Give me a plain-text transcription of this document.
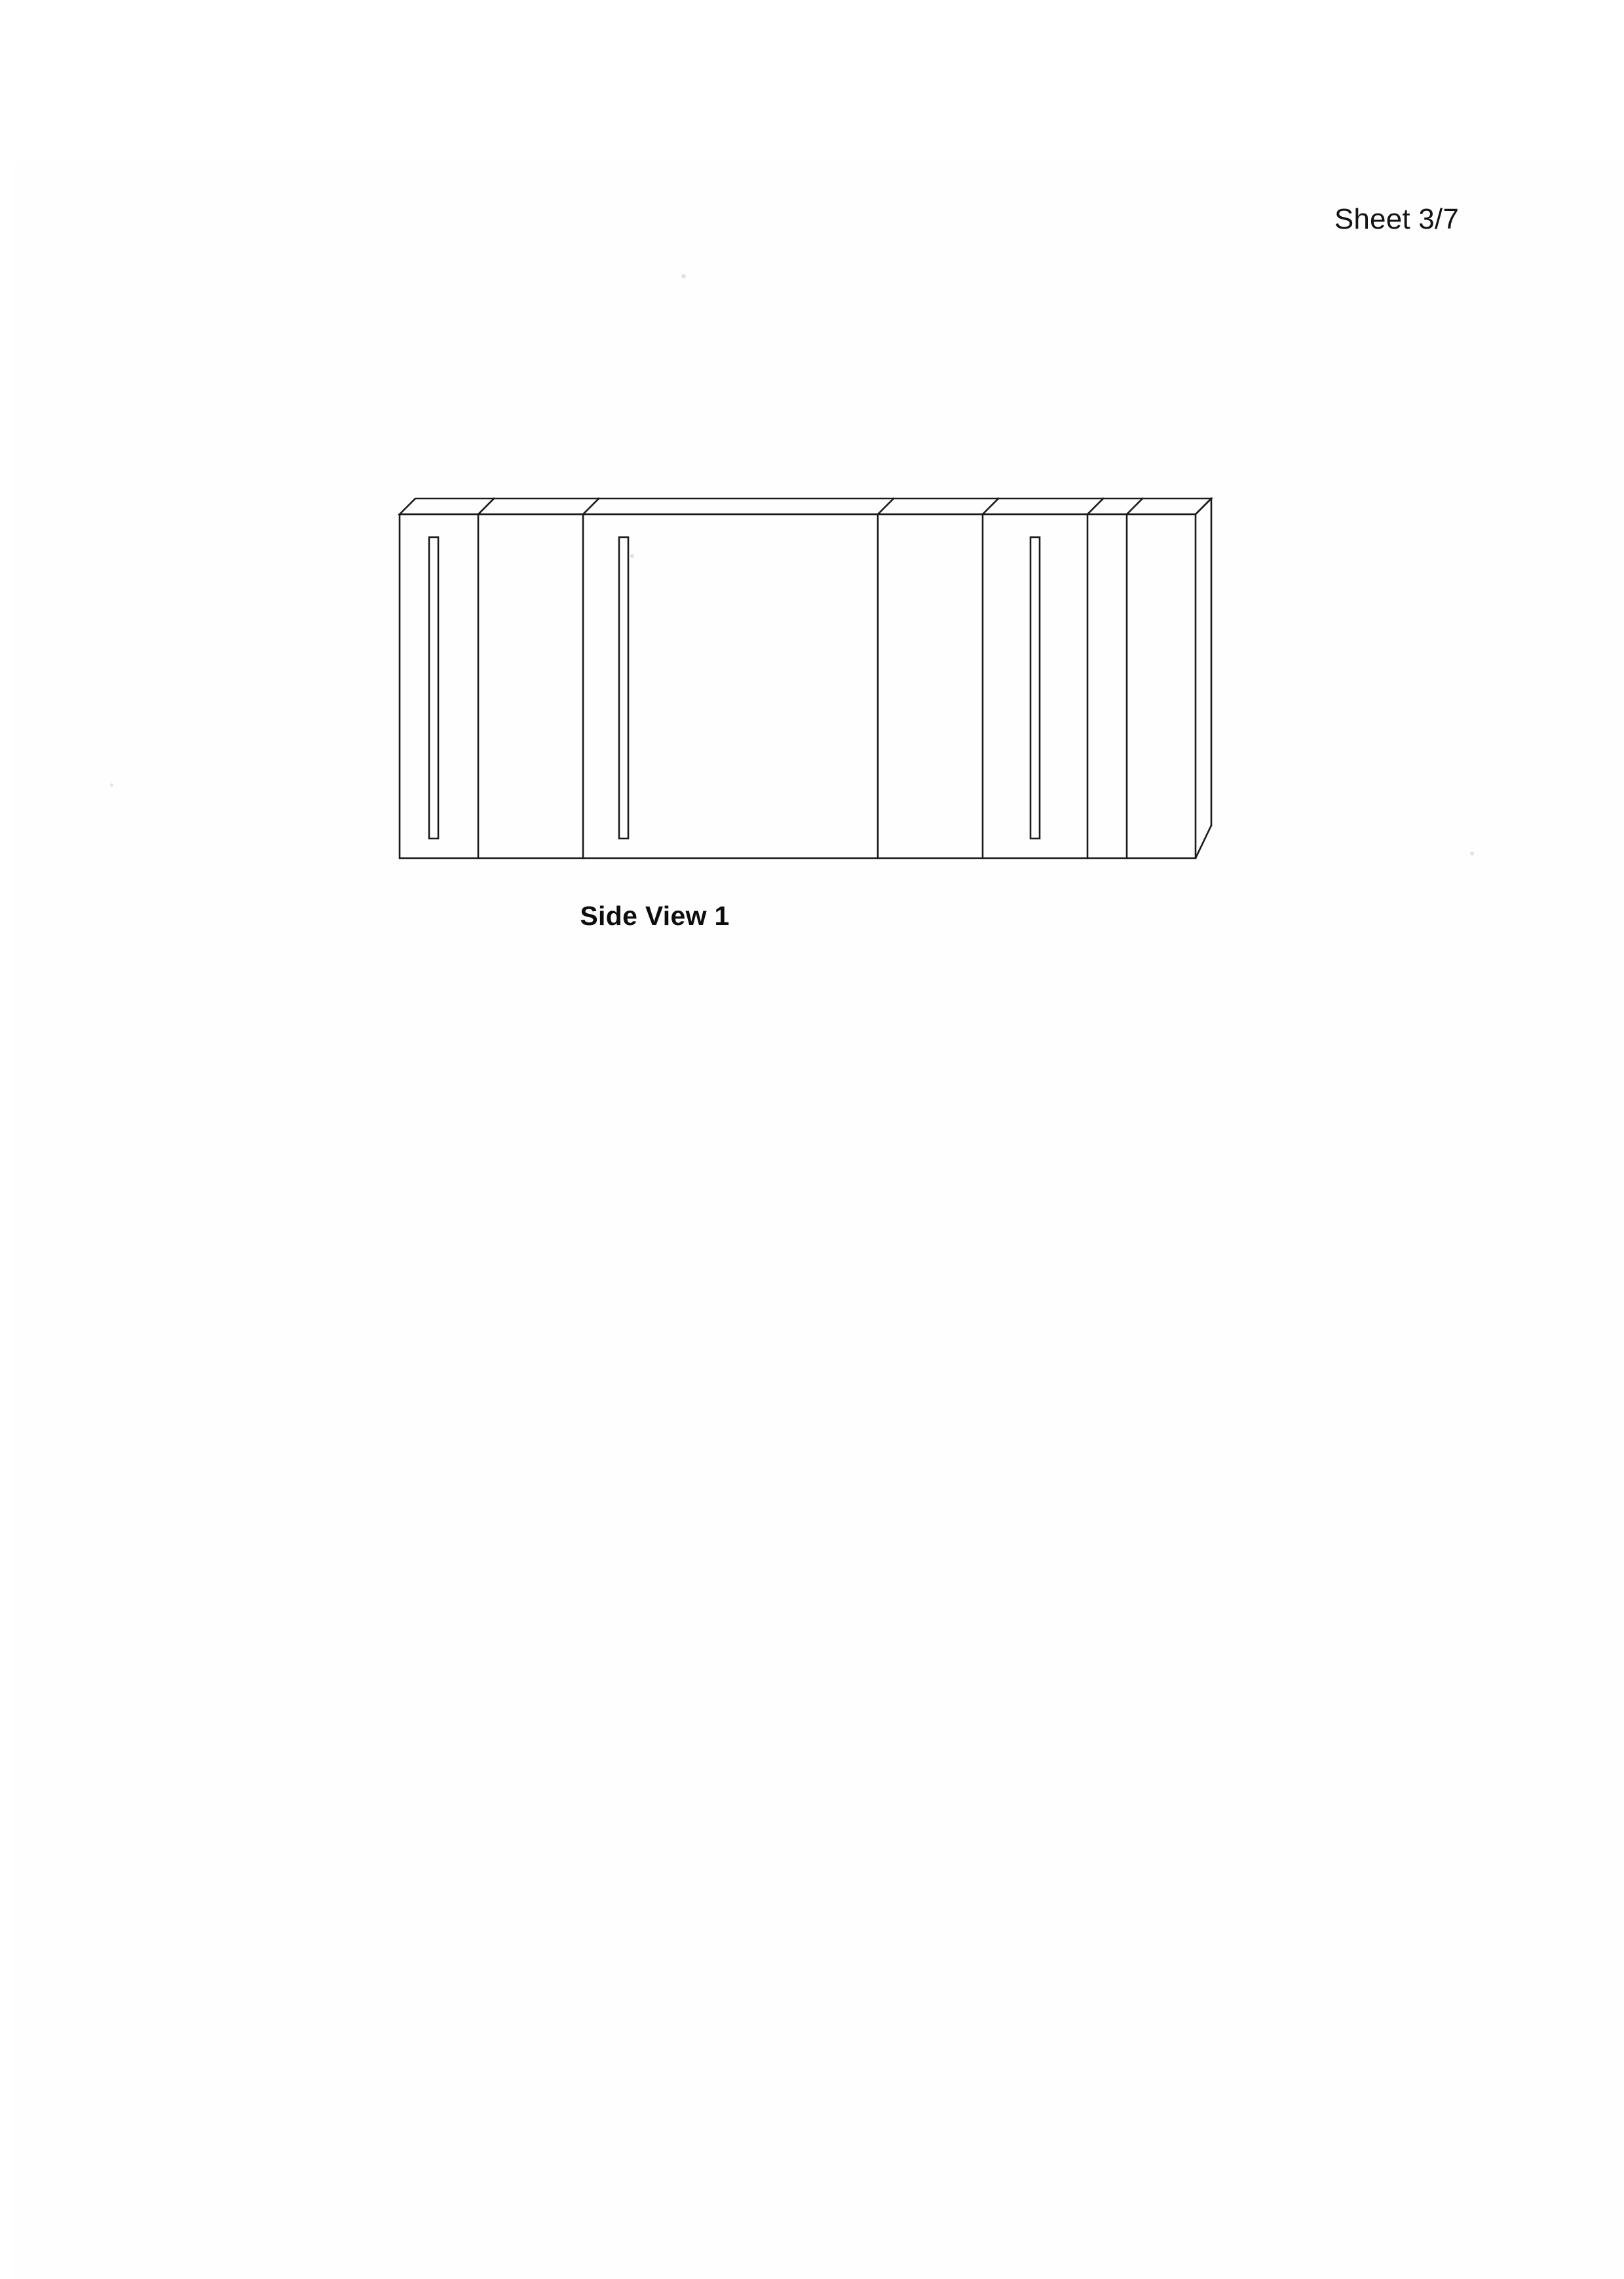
Sheet 3/7
Side View 1
